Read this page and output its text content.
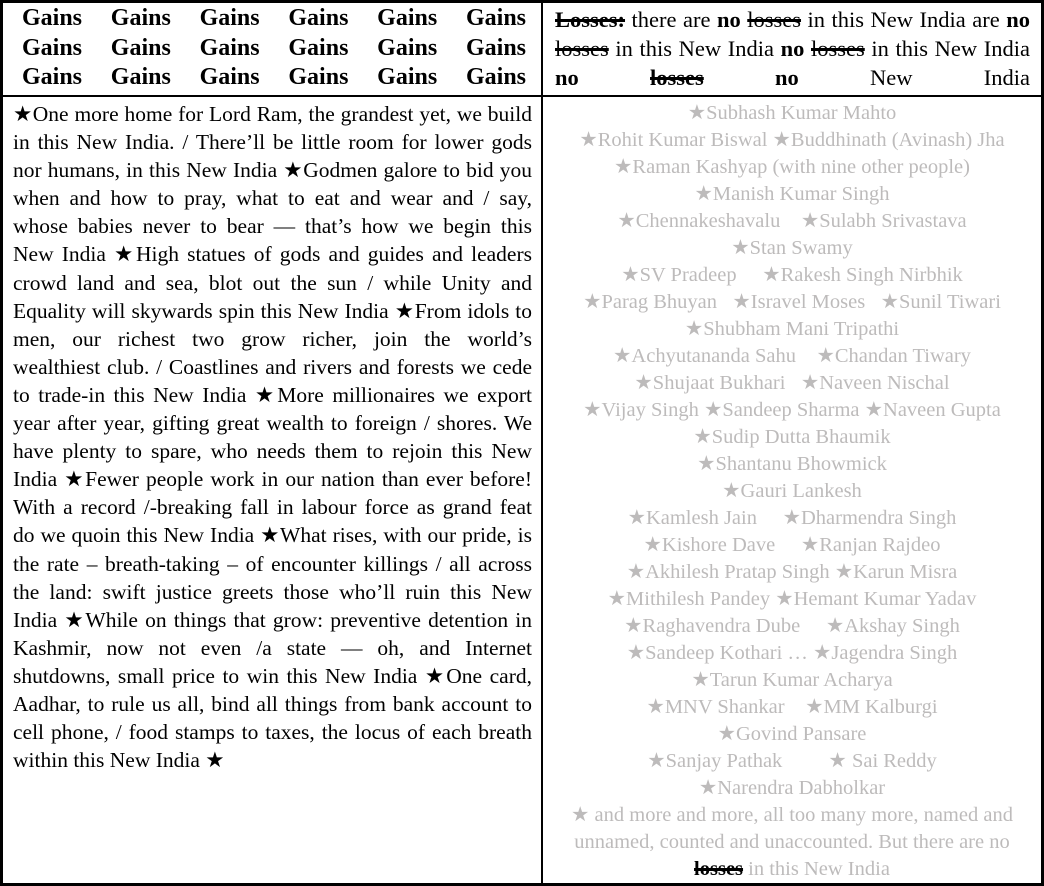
Gains Gains Gains Gains Gains Gains
Gains Gains Gains Gains Gains Gains
Gains Gains Gains Gains Gains Gains
Losses: there are no losses in this New India are no losses in this New India no losses in this New India no	losses	no New India
★One more home for Lord Ram, the grandest yet, we build in this New India. / There’ll be little room for lower gods nor humans, in this New India ★Godmen galore to bid you when and how to pray, what to eat and wear and / say, whose babies never to bear — that’s how we begin this New India ★High statues of gods and guides and leaders crowd land and sea, blot out the sun / while Unity and Equality will skywards spin this New India ★From idols to men, our richest two grow richer, join the world’s wealthiest club. / Coastlines and rivers and forests we cede to trade-in this New India ★More millionaires we export year after year, gifting great wealth to foreign / shores. We have plenty to spare, who needs them to rejoin this New India ★Fewer people work in our nation than ever before! With a record /-breaking fall in labour force as grand feat do we quoin this New India ★What rises, with our pride, is the rate – breath-taking – of encounter killings / all across the land: swift justice greets those who’ll ruin this New India ★While on things that grow: preventive detention in Kashmir, now not even /a state — oh, and Internet shutdowns, small price to win this New India ★One card, Aadhar, to rule us all, bind all things from bank account to cell phone, / food stamps to taxes, the locus of each breath within this New India ★
★Subhash Kumar Mahto
★Rohit Kumar Biswal ★Buddhinath (Avinash) Jha
★Raman Kashyap (with nine other people)
★Manish Kumar Singh
★Chennakeshavalu    ★Sulabh Srivastava
★Stan Swamy
★SV Pradeep     ★Rakesh Singh Nirbhik
★Parag Bhuyan   ★Isravel Moses   ★Sunil Tiwari
★Shubham Mani Tripathi
★Achyutananda Sahu    ★Chandan Tiwary
★Shujaat Bukhari   ★Naveen Nischal
★Vijay Singh ★Sandeep Sharma ★Naveen Gupta
★Sudip Dutta Bhaumik
★Shantanu Bhowmick
★Gauri Lankesh
★Kamlesh Jain     ★Dharmendra Singh
★Kishore Dave     ★Ranjan Rajdeo
★Akhilesh Pratap Singh ★Karun Misra
★Mithilesh Pandey ★Hemant Kumar Yadav
★Raghavendra Dube     ★Akshay Singh
★Sandeep Kothari … ★Jagendra Singh
★Tarun Kumar Acharya
★MNV Shankar    ★MM Kalburgi
★Govind Pansare
★Sanjay Pathak         ★ Sai Reddy
★Narendra Dabholkar
★ and more and more, all too many more, named and unnamed, counted and unaccounted. But there are no losses in this New India
